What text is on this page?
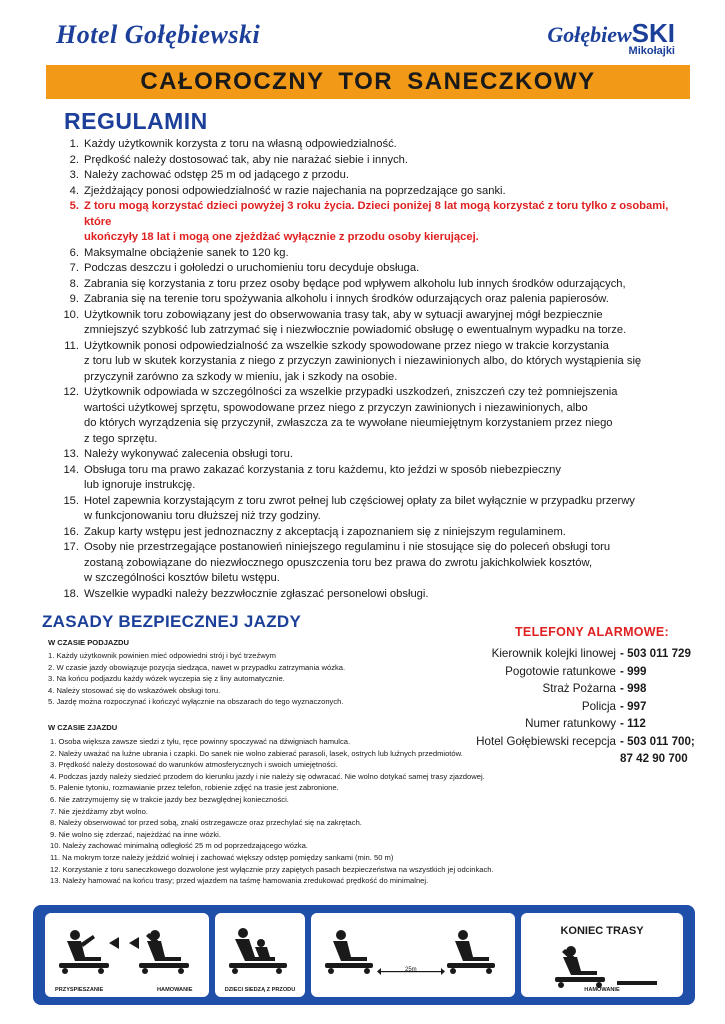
Hotel Gołębiewski	GołębiewSKI
Mikołajki
CAŁOROCZNY TOR SANECZKOWY
REGULAMIN
1. Każdy użytkownik korzysta z toru na własną odpowiedzialność.
2. Prędkość należy dostosować tak, aby nie narażać siebie i innych.
3. Należy zachować odstęp 25 m od jadącego z przodu.
4. Zjeżdżający ponosi odpowiedzialność w razie najechania na poprzedzające go sanki.
5. Z toru mogą korzystać dzieci powyżej 3 roku życia. Dzieci poniżej 8 lat mogą korzystać z toru tylko z osobami, które
ukończyły 18 lat i mogą one zjeżdżać wyłącznie z przodu osoby kierującej.
6. Maksymalne obciążenie sanek to 120 kg.
7. Podczas deszczu i gołoledzi o uruchomieniu toru decyduje obsługa.
8. Zabrania się korzystania z toru przez osoby będące pod wpływem alkoholu lub innych środków odurzających,
9. Zabrania się na terenie toru spożywania alkoholu i innych środków odurzających oraz palenia papierosów.
10. Użytkownik toru zobowiązany jest do obserwowania trasy tak, aby w sytuacji awaryjnej mógł bezpiecznie
zmniejszyć szybkość lub zatrzymać się i niezwłocznie powiadomić obsługę o ewentualnym wypadku na torze.
11. Użytkownik ponosi odpowiedzialność za wszelkie szkody spowodowane przez niego w trakcie korzystania
z toru lub w skutek korzystania z niego z przyczyn zawinionych i niezawinionych albo, do których wystąpienia się
przyczynił zarówno za szkody w mieniu, jak i szkody na osobie.
12. Użytkownik odpowiada w szczególności za wszelkie przypadki uszkodzeń, zniszczeń czy też pomniejszenia
wartości użytkowej sprzętu, spowodowane przez niego z przyczyn zawinionych i niezawinionych, albo
do których wyrządzenia się przyczynił, zwłaszcza za te wywołane nieumiejętnym korzystaniem przez niego
z tego sprzętu.
13. Należy wykonywać zalecenia obsługi toru.
14. Obsługa toru ma prawo zakazać korzystania z toru każdemu, kto jeździ w sposób niebezpieczny
lub ignoruje instrukcję.
15. Hotel zapewnia korzystającym z toru zwrot pełnej lub częściowej opłaty za bilet wyłącznie w przypadku przerwy
w funkcjonowaniu toru dłuższej niż trzy godziny.
16. Zakup karty wstępu jest jednoznaczny z akceptacją i zapoznaniem się z niniejszym regulaminem.
17. Osoby nie przestrzegające postanowień niniejszego regulaminu i nie stosujące się do poleceń obsługi toru
zostaną zobowiązane do niezwłocznego opuszczenia toru bez prawa do zwrotu jakichkolwiek kosztów,
w szczególności kosztów biletu wstępu.
18. Wszelkie wypadki należy bezzwłocznie zgłaszać personelowi obsługi.
ZASADY BEZPIECZNEJ JAZDY
W CZASIE PODJAZDU
1. Każdy użytkownik powinien mieć odpowiedni strój i być trzeźwym
2. W czasie jazdy obowiązuje pozycja siedząca, nawet w przypadku zatrzymania wózka.
3. Na końcu podjazdu każdy wózek wyczepia się z liny automatycznie.
4. Należy stosować się do wskazówek obsługi toru.
5. Jazdę można rozpoczynać i kończyć wyłącznie na obszarach do tego wyznaczonych.
W CZASIE ZJAZDU
1. Osoba większa zawsze siedzi z tyłu, ręce powinny spoczywać na dźwigniach hamulca.
2. Należy uważać na luźne ubrania i czapki. Do sanek nie wolno zabierać parasoli, lasek, ostrych lub luźnych przedmiotów.
3. Prędkość należy dostosować do warunków atmosferycznych i swoich umiejętności.
4. Podczas jazdy należy siedzieć przodem do kierunku jazdy i nie należy się odwracać. Nie wolno dotykać samej trasy zjazdowej.
5. Palenie tytoniu, rozmawianie przez telefon, robienie zdjęć na trasie jest zabronione.
6. Nie zatrzymujemy się w trakcie jazdy bez bezwględnej konieczności.
7. Nie zjeżdżamy zbyt wolno.
8. Należy obserwować tor przed sobą, znaki ostrzegawcze oraz przechylać się na zakrętach.
9. Nie wolno się zderzać, najeżdżać na inne wózki.
10. Należy zachować minimalną odległość 25 m od poprzedzającego wózka.
11. Na mokrym torze należy jeździć wolniej i zachować większy odstęp pomiędzy sankami (min. 50 m)
12. Korzystanie z toru saneczkowego dozwolone jest wyłącznie przy zapiętych pasach bezpieczeństwa na wszystkich jej odcinkach.
13. Należy hamować na końcu trasy; przed wjazdem na taśmę hamowania zredukować prędkość do minimalnej.
TELEFONY ALARMOWE:
Kierownik kolejki linowej - 503 011 729
Pogotowie ratunkowe - 999
Straż Pożarna - 998
Policja - 997
Numer ratunkowy - 112
Hotel Gołębiewski recepcja - 503 011 700;
87 42 90 700
PRZYSPIESZANIE	HAMOWANIE	DZIECI SIEDZĄ Z PRZODU
25m
KONIEC TRASY
HAMOWANIE
